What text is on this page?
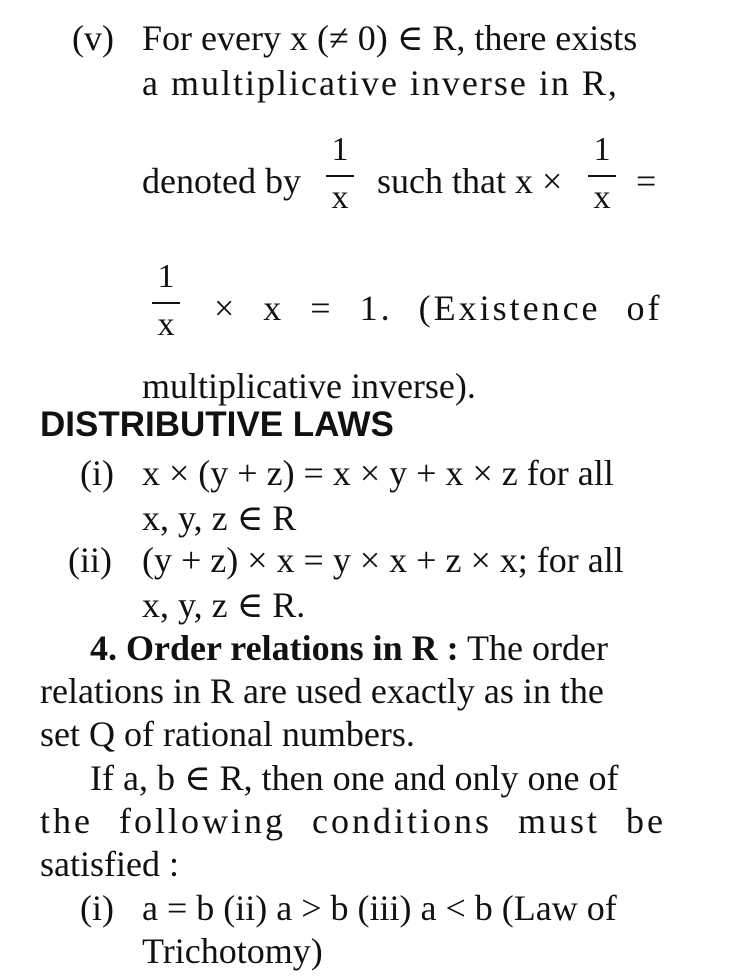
(v) For every x (≠ 0) ∈ R, there exists
a multiplicative inverse in R,
denoted by
1
x such that x ×
1
x =
1
x	× x = 1. (Existence of
multiplicative inverse).
DISTRIBUTIVE LAWS
(i) x × (y + z) = x × y + x × z for all
x, y, z ∈ R
(ii) (y + z) × x = y × x + z × x; for all
x, y, z ∈ R.
4. Order relations in R : The order
relations in R are used exactly as in the
set Q of rational numbers.
If a, b ∈ R, then one and only one of
the following conditions must be
satisfied :
(i) a = b (ii) a > b (iii) a < b (Law of
Trichotomy)
